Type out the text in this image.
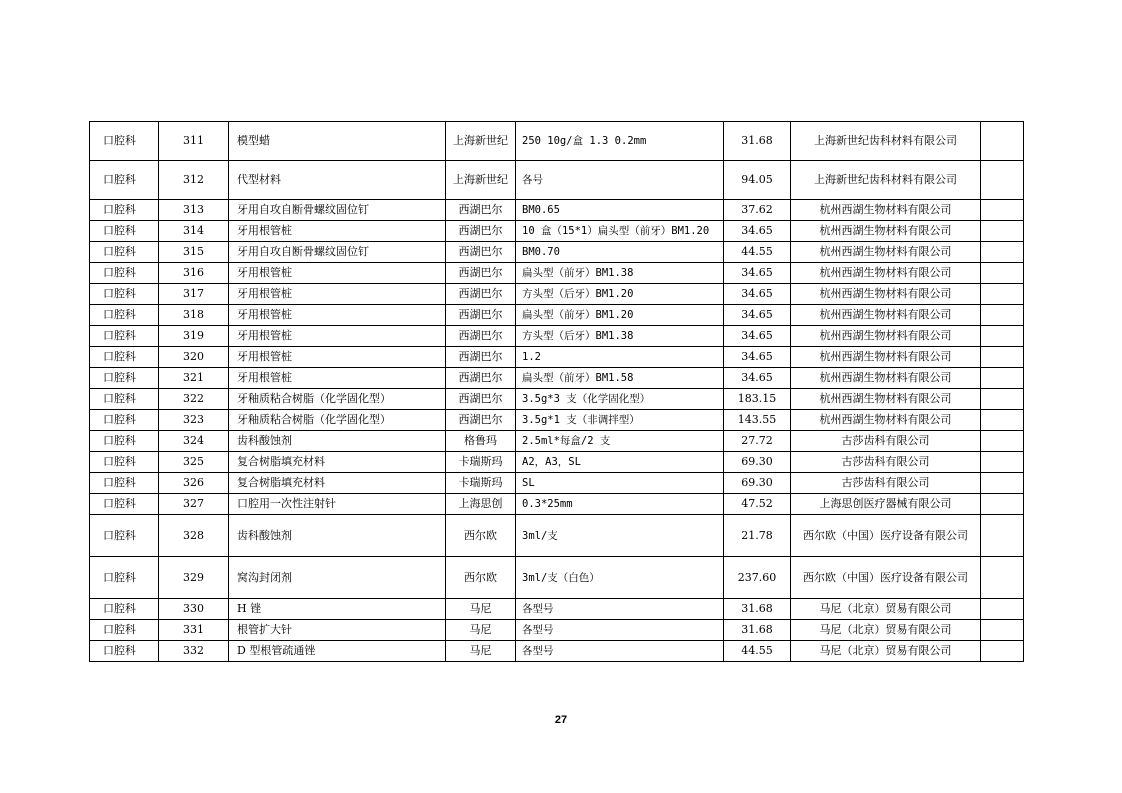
口腔科	311	模型蜡	上海新世纪	250 10g/盒 1.3 0.2mm	31.68	上海新世纪齿科材料有限公司	
口腔科	312	代型材料	上海新世纪	各号	94.05	上海新世纪齿科材料有限公司	
口腔科	313	牙用自攻自断骨螺纹固位钉	西湖巴尔	BM0.65	37.62	杭州西湖生物材料有限公司	
口腔科	314	牙用根管桩	西湖巴尔	10 盒（15*1）扁头型（前牙）BM1.20	34.65	杭州西湖生物材料有限公司	
口腔科	315	牙用自攻自断骨螺纹固位钉	西湖巴尔	BM0.70	44.55	杭州西湖生物材料有限公司	
口腔科	316	牙用根管桩	西湖巴尔	扁头型（前牙）BM1.38	34.65	杭州西湖生物材料有限公司	
口腔科	317	牙用根管桩	西湖巴尔	方头型（后牙）BM1.20	34.65	杭州西湖生物材料有限公司	
口腔科	318	牙用根管桩	西湖巴尔	扁头型（前牙）BM1.20	34.65	杭州西湖生物材料有限公司	
口腔科	319	牙用根管桩	西湖巴尔	方头型（后牙）BM1.38	34.65	杭州西湖生物材料有限公司	
口腔科	320	牙用根管桩	西湖巴尔	1.2	34.65	杭州西湖生物材料有限公司	
口腔科	321	牙用根管桩	西湖巴尔	扁头型（前牙）BM1.58	34.65	杭州西湖生物材料有限公司	
口腔科	322	牙釉质粘合树脂（化学固化型）	西湖巴尔	3.5g*3 支（化学固化型）	183.15	杭州西湖生物材料有限公司	
口腔科	323	牙釉质粘合树脂（化学固化型）	西湖巴尔	3.5g*1 支（非调拌型）	143.55	杭州西湖生物材料有限公司	
口腔科	324	齿科酸蚀剂	格鲁玛	2.5ml*每盒/2 支	27.72	古莎齿科有限公司	
口腔科	325	复合树脂填充材料	卡瑞斯玛	A2，A3，SL	69.30	古莎齿科有限公司	
口腔科	326	复合树脂填充材料	卡瑞斯玛	SL	69.30	古莎齿科有限公司	
口腔科	327	口腔用一次性注射针	上海思创	0.3*25mm	47.52	上海思创医疗器械有限公司	
口腔科	328	齿科酸蚀剂	西尔欧	3ml/支	21.78	西尔欧（中国）医疗设备有限公司	
口腔科	329	窝沟封闭剂	西尔欧	3ml/支（白色）	237.60	西尔欧（中国）医疗设备有限公司	
口腔科	330	H 锉	马尼	各型号	31.68	马尼（北京）贸易有限公司	
口腔科	331	根管扩大针	马尼	各型号	31.68	马尼（北京）贸易有限公司	
口腔科	332	D 型根管疏通锉	马尼	各型号	44.55	马尼（北京）贸易有限公司	
27
